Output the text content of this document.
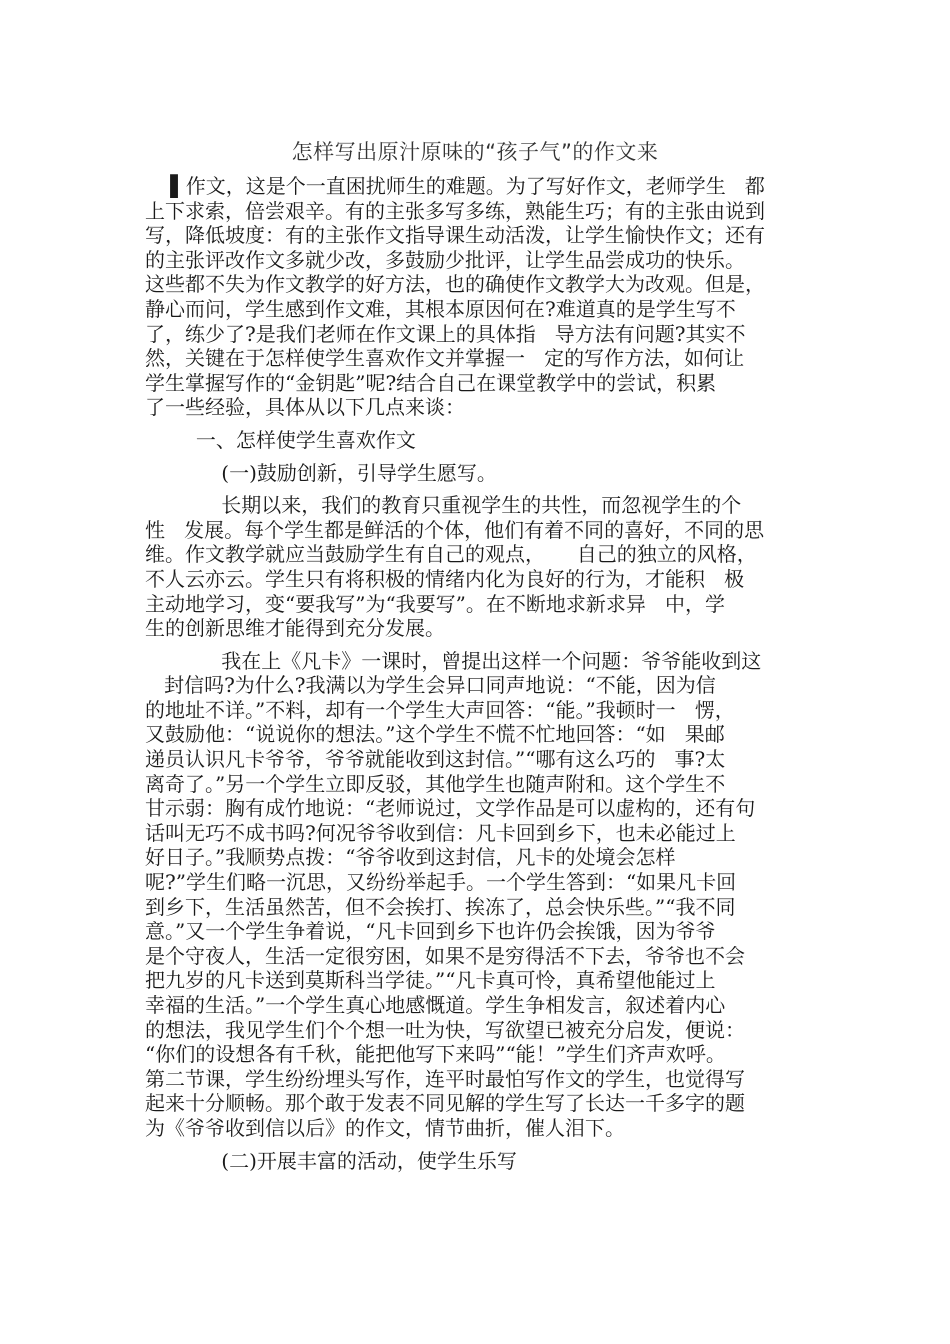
怎样写出原汁原味的“孩子气”的作文来
▌作文，这是个一直困扰师生的难题。为了写好作文，老师学生   都
上下求索，倍尝艰辛。有的主张多写多练，熟能生巧；有的主张由说到
写，降低坡度：有的主张作文指导课生动活泼，让学生愉快作文；还有
的主张评改作文多就少改，多鼓励少批评，让学生品尝成功的快乐。
这些都不失为作文教学的好方法，也的确使作文教学大为改观。但是，
静心而问，学生感到作文难，其根本原因何在?难道真的是学生写不
了，练少了?是我们老师在作文课上的具体指   导方法有问题?其实不
然，关键在于怎样使学生喜欢作文并掌握一   定的写作方法，如何让
学生掌握写作的“金钥匙”呢?结合自己在课堂教学中的尝试，积累
了一些经验，具体从以下几点来谈：
一、怎样使学生喜欢作文
(一)鼓励创新，引导学生愿写。
长期以来，我们的教育只重视学生的共性，而忽视学生的个
性   发展。每个学生都是鲜活的个体，他们有着不同的喜好，不同的思
维。作文教学就应当鼓励学生有自己的观点，     自己的独立的风格，
不人云亦云。学生只有将积极的情绪内化为良好的行为，才能积   极
主动地学习，变“要我写”为“我要写”。在不断地求新求异   中，学
生的创新思维才能得到充分发展。
我在上《凡卡》一课时，曾提出这样一个问题：爷爷能收到这
封信吗?为什么?我满以为学生会异口同声地说：“不能，因为信
的地址不详。”不料，却有一个学生大声回答：“能。”我顿时一   愣，
又鼓励他：“说说你的想法。”这个学生不慌不忙地回答：“如   果邮
递员认识凡卡爷爷，爷爷就能收到这封信。”“哪有这么巧的   事?太
离奇了。”另一个学生立即反驳，其他学生也随声附和。这个学生不
甘示弱：胸有成竹地说：“老师说过，文学作品是可以虚构的，还有句
话叫无巧不成书吗?何况爷爷收到信：凡卡回到乡下，也未必能过上
好日子。”我顺势点拨：“爷爷收到这封信，凡卡的处境会怎样
呢?”学生们略一沉思，又纷纷举起手。一个学生答到：“如果凡卡回
到乡下，生活虽然苦，但不会挨打、挨冻了，总会快乐些。”“我不同
意。”又一个学生争着说，“凡卡回到乡下也许仍会挨饿，因为爷爷
是个守夜人，生活一定很穷困，如果不是穷得活不下去，爷爷也不会
把九岁的凡卡送到莫斯科当学徒。”“凡卡真可怜，真希望他能过上
幸福的生活。”一个学生真心地感慨道。学生争相发言，叙述着内心
的想法，我见学生们个个想一吐为快，写欲望已被充分启发，便说：
“你们的设想各有千秋，能把他写下来吗”“能！”学生们齐声欢呼。
第二节课，学生纷纷埋头写作，连平时最怕写作文的学生，也觉得写
起来十分顺畅。那个敢于发表不同见解的学生写了长达一千多字的题
为《爷爷收到信以后》的作文，情节曲折，催人泪下。
(二)开展丰富的活动，使学生乐写
